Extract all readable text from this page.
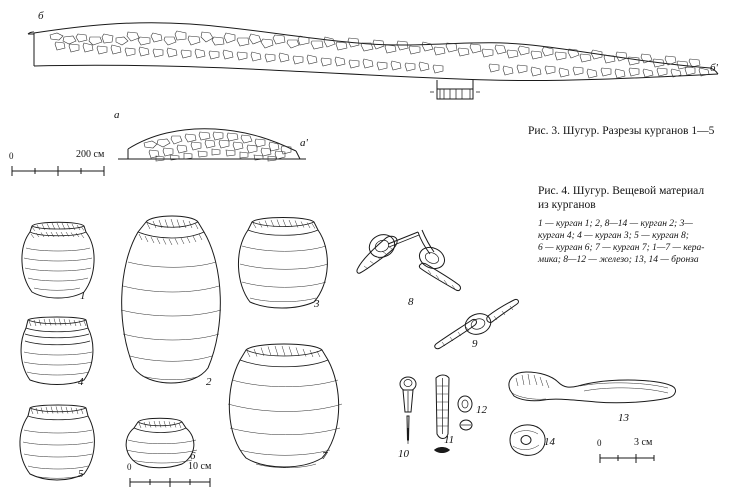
б
б'
а
а'
0	200 см
Рис. 3. Шугур. Разрезы курганов 1—5
Рис. 4. Шугур. Вещевой материал
из курганов
1 — курган 1; 2, 8—14 — курган 2; 3—
курган 4; 4 — курган 3; 5 — курган 8;
6 — курган 6; 7 — курган 7; 1—7 — кера-
мика; 8—12 — железо; 13, 14 — бронза
1
4
5
2
6
3
7
0	10 см
8
9
10
11
12
13
14	0	3 см
